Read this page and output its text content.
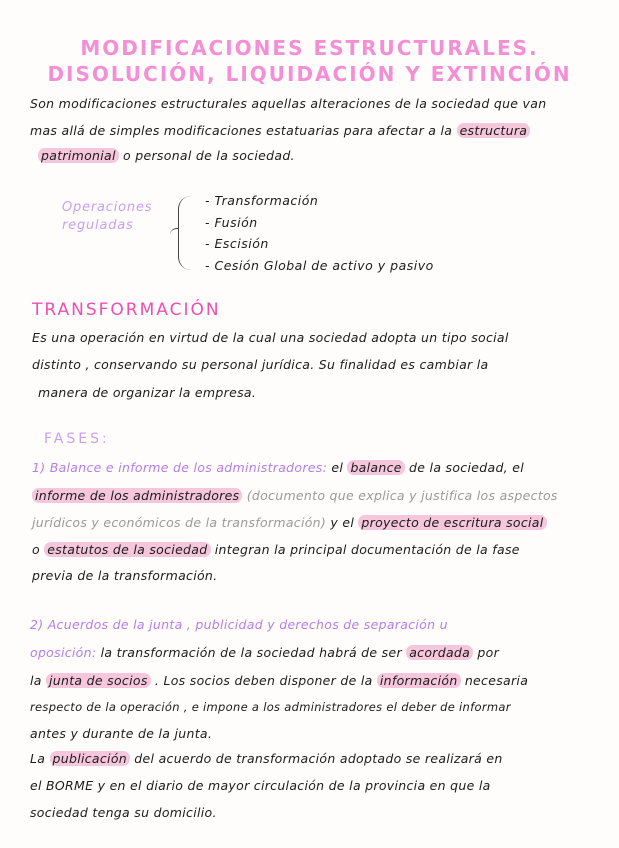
MODIFICACIONES ESTRUCTURALES.
DISOLUCIÓN, LIQUIDACIÓN Y EXTINCIÓN
Son modificaciones estructurales aquellas alteraciones de la sociedad que van
mas allá de simples modificaciones estatuarias para afectar a la estructura
patrimonial o personal de la sociedad.
Operaciones
reguladas
- Transformación
- Fusión
- Escisión
- Cesión Global de activo y pasivo
TRANSFORMACIÓN
Es una operación en virtud de la cual una sociedad adopta un tipo social
distinto , conservando su personal jurídica. Su finalidad es cambiar la
manera de organizar la empresa.
FASES:
1) Balance e informe de los administradores: el balance de la sociedad, el
informe de los administradores (documento que explica y justifica los aspectos
jurídicos y económicos de la transformación) y el proyecto de escritura social
o estatutos de la sociedad integran la principal documentación de la fase
previa de la transformación.
2) Acuerdos de la junta , publicidad y derechos de separación u
oposición: la transformación de la sociedad habrá de ser acordada por
la junta de socios . Los socios deben disponer de la información necesaria
respecto de la operación , e impone a los administradores el deber de informar
antes y durante de la junta.
La publicación del acuerdo de transformación adoptado se realizará en
el BORME y en el diario de mayor circulación de la provincia en que la
sociedad tenga su domicilio.
